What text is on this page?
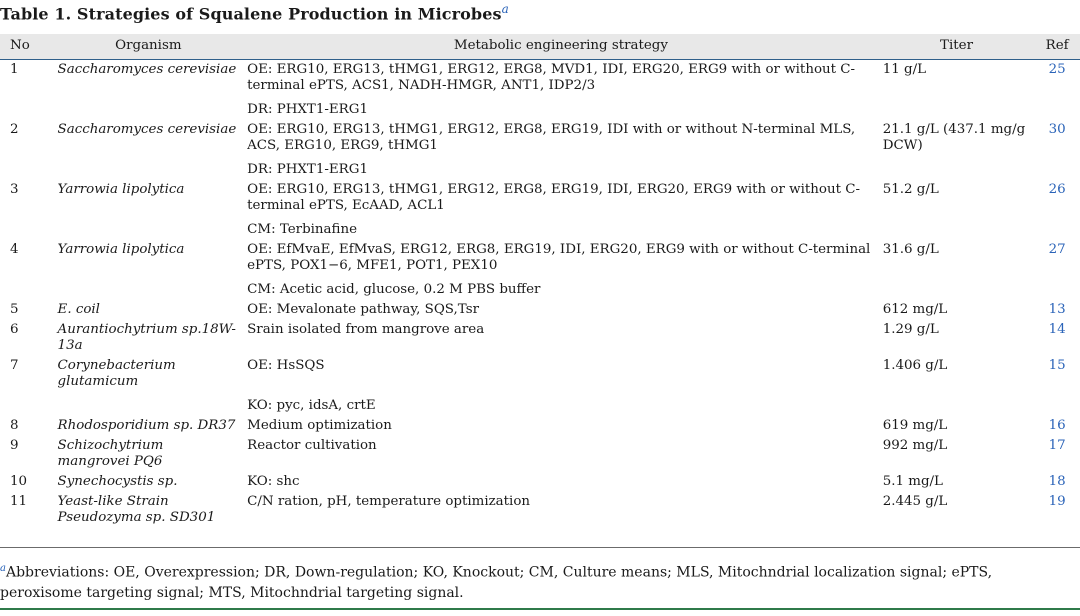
Table 1. Strategies of Squalene Production in Microbes$^a$
No	Organism	Metabolic engineering strategy	Titer	Ref
1	Saccharomyces cerevisiae	OE: ERG10, ERG13, tHMG1, ERG12, ERG8, MVD1, IDI, ERG20, ERG9 with or without C-terminal ePTS, ACS1, NADH-HMGR, ANT1, IDP2/3	11 g/L	25
		DR: PHXT1-ERG1		
2	Saccharomyces cerevisiae	OE: ERG10, ERG13, tHMG1, ERG12, ERG8, ERG19, IDI with or without N-terminal MLS, ACS, ERG10, ERG9, tHMG1	21.1 g/L (437.1 mg/g DCW)	30
		DR: PHXT1-ERG1		
3	Yarrowia lipolytica	OE: ERG10, ERG13, tHMG1, ERG12, ERG8, ERG19, IDI, ERG20, ERG9 with or without C-terminal ePTS, EcAAD, ACL1	51.2 g/L	26
		CM: Terbinafine		
4	Yarrowia lipolytica	OE: EfMvaE, EfMvaS, ERG12, ERG8, ERG19, IDI, ERG20, ERG9 with or without C-terminal ePTS, POX1−6, MFE1, POT1, PEX10	31.6 g/L	27
		CM: Acetic acid, glucose, 0.2 M PBS buffer		
5	E. coil	OE: Mevalonate pathway, SQS,Tsr	612 mg/L	13
6	Aurantiochytrium sp.18W-13a	Srain isolated from mangrove area	1.29 g/L	14
7	Corynebacterium glutamicum	OE: HsSQS	1.406 g/L	15
		KO: pyc, idsA, crtE		
8	Rhodosporidium sp. DR37	Medium optimization	619 mg/L	16
9	Schizochytrium mangrovei PQ6	Reactor cultivation	992 mg/L	17
10	Synechocystis sp.	KO: shc	5.1 mg/L	18
11	Yeast-like Strain Pseudozyma sp. SD301	C/N ration, pH, temperature optimization	2.445 g/L	19
$^a$Abbreviations: OE, Overexpression; DR, Down-regulation; KO, Knockout; CM, Culture means; MLS, Mitochndrial localization signal; ePTS, peroxisome targeting signal; MTS, Mitochndrial targeting signal.
